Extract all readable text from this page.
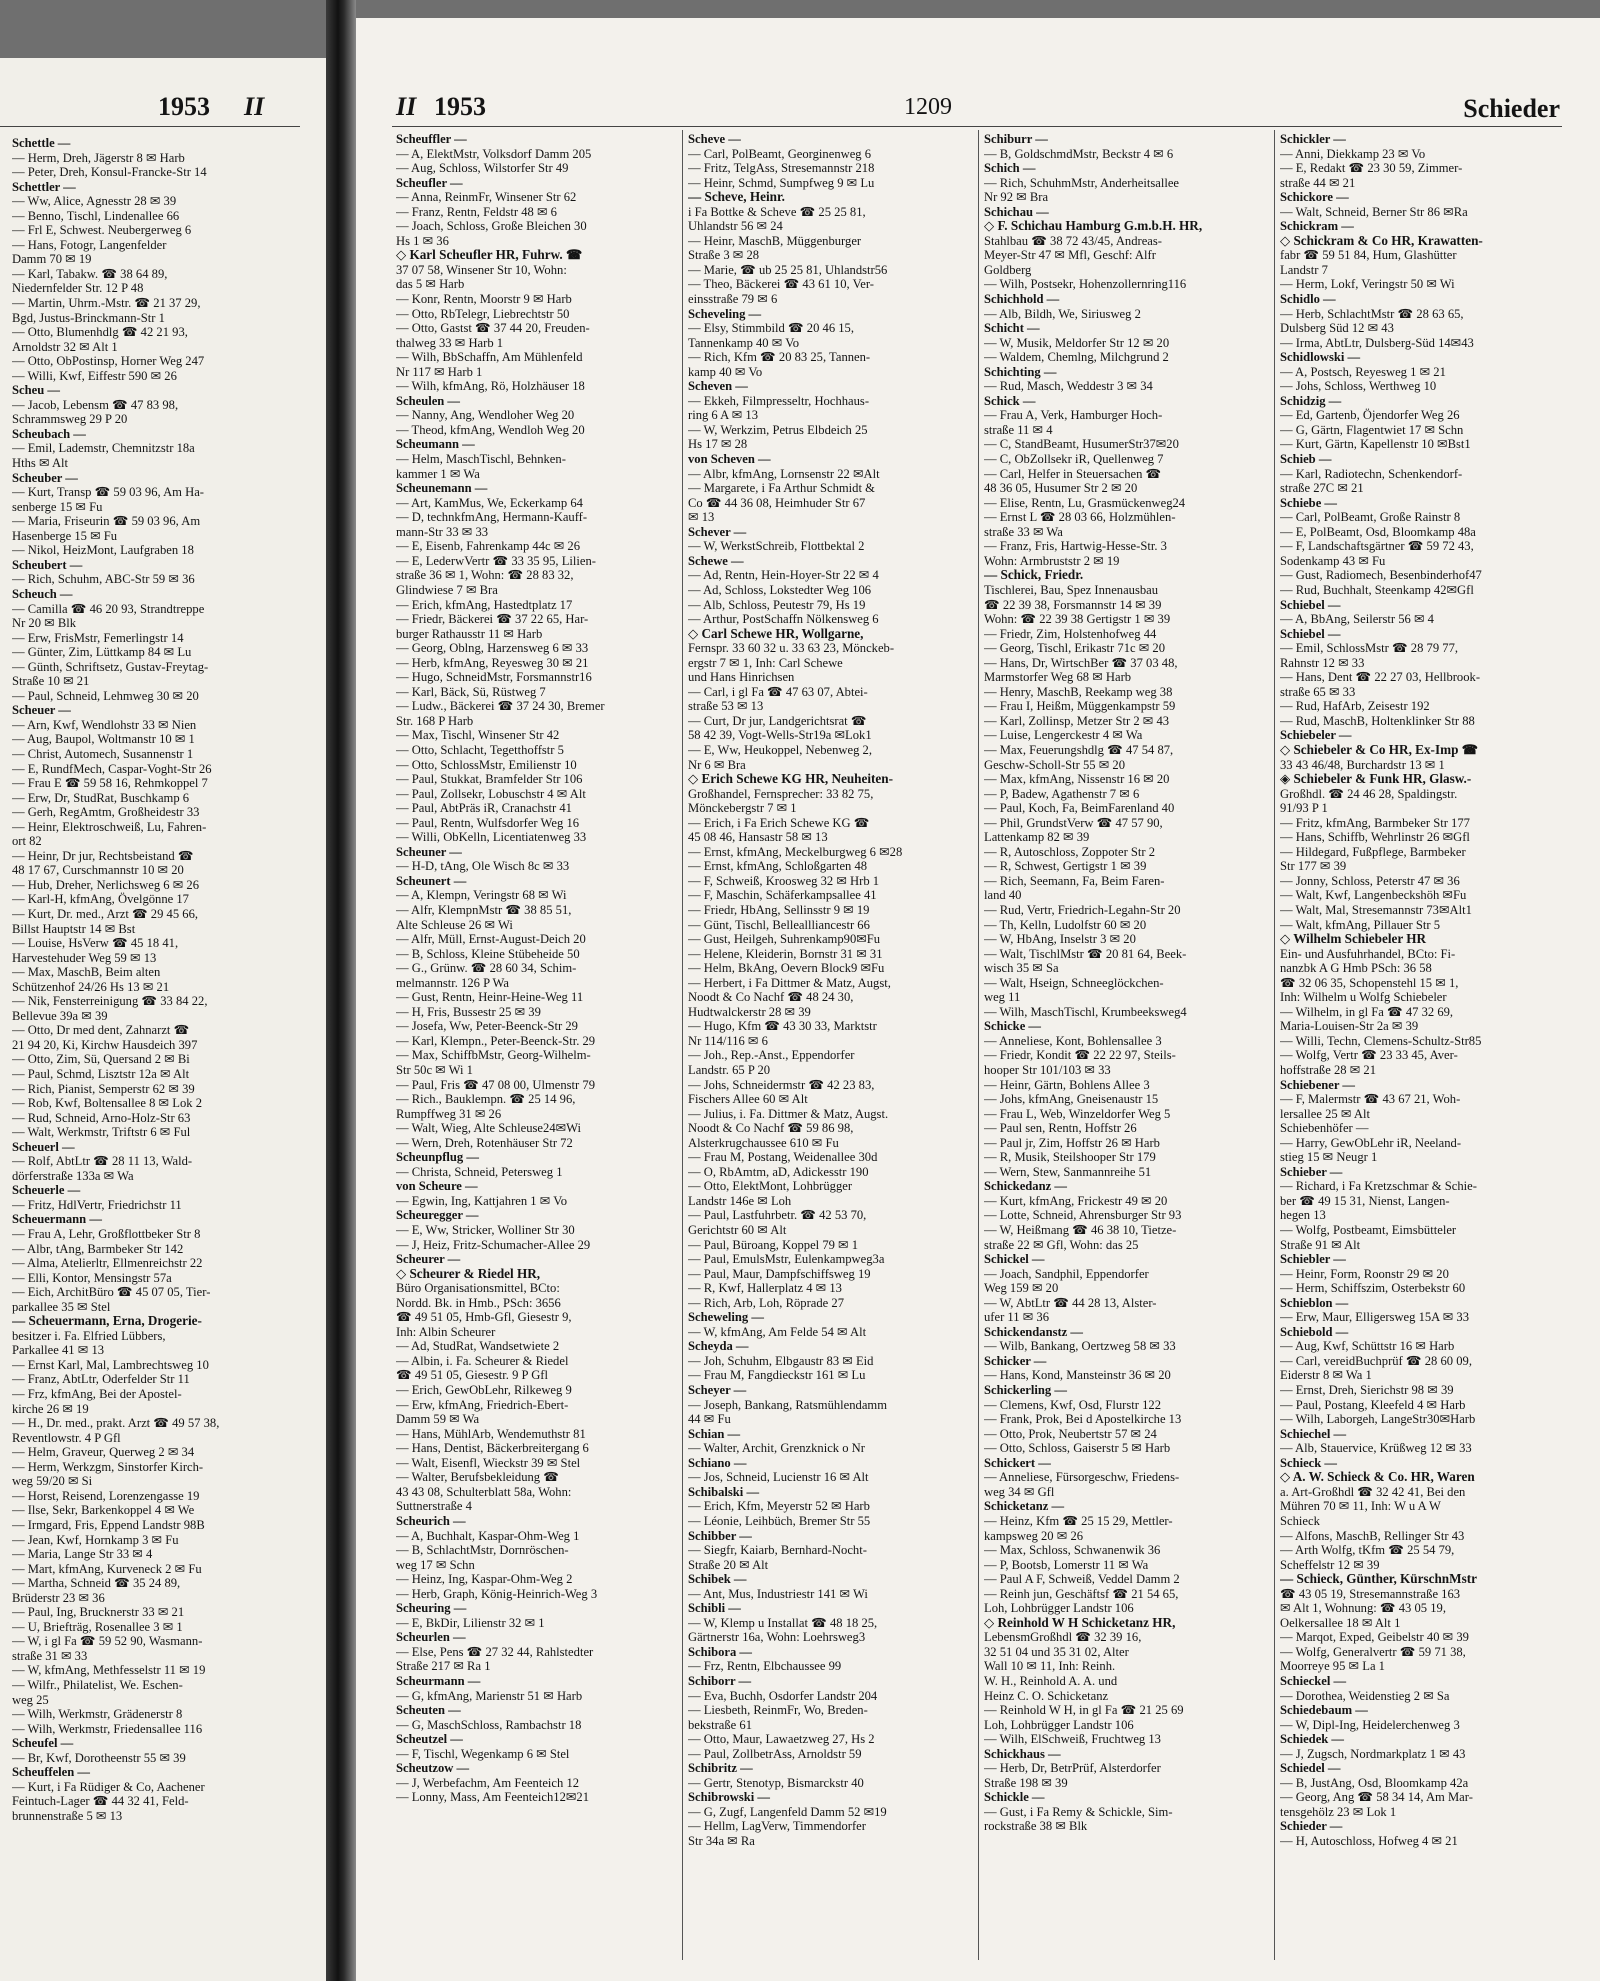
1953 II
Schettle —
— Herm, Dreh, Jägerstr 8 ✉ Harb
— Peter, Dreh, Konsul-Francke-Str 14
Schettler —
— Ww, Alice, Agnesstr 28 ✉ 39
— Benno, Tischl, Lindenallee 66
— Frl E, Schwest. Neubergerweg 6
— Hans, Fotogr, Langenfelder
Damm 70 ✉ 19
— Karl, Tabakw. ☎ 38 64 89,
Niedernfelder Str. 12 P 48
— Martin, Uhrm.-Mstr. ☎ 21 37 29,
Bgd, Justus-Brinckmann-Str 1
— Otto, Blumenhdlg ☎ 42 21 93,
Arnoldstr 32 ✉ Alt 1
— Otto, ObPostinsp, Horner Weg 247
— Willi, Kwf, Eiffestr 590 ✉ 26
Scheu —
— Jacob, Lebensm ☎ 47 83 98,
Schrammsweg 29 P 20
Scheubach —
— Emil, Lademstr, Chemnitzstr 18a
Hths ✉ Alt
Scheuber —
— Kurt, Transp ☎ 59 03 96, Am Ha-
senberge 15 ✉ Fu
— Maria, Friseurin ☎ 59 03 96, Am
Hasenberge 15 ✉ Fu
— Nikol, HeizMont, Laufgraben 18
Scheubert —
— Rich, Schuhm, ABC-Str 59 ✉ 36
Scheuch —
— Camilla ☎ 46 20 93, Strandtreppe
Nr 20 ✉ Blk
— Erw, FrisMstr, Femerlingstr 14
— Günter, Zim, Lüttkamp 84 ✉ Lu
— Günth, Schriftsetz, Gustav-Freytag-
Straße 10 ✉ 21
— Paul, Schneid, Lehmweg 30 ✉ 20
Scheuer —
— Arn, Kwf, Wendlohstr 33 ✉ Nien
— Aug, Baupol, Woltmanstr 10 ✉ 1
— Christ, Automech, Susannenstr 1
— E, RundfMech, Caspar-Voght-Str 26
— Frau E ☎ 59 58 16, Rehmkoppel 7
— Erw, Dr, StudRat, Buschkamp 6
— Gerh, RegAmtm, Großheidestr 33
— Heinr, Elektroschweiß, Lu, Fahren-
ort 82
— Heinr, Dr jur, Rechtsbeistand ☎
48 17 67, Curschmannstr 10 ✉ 20
— Hub, Dreher, Nerlichsweg 6 ✉ 26
— Karl-H, kfmAng, Övelgönne 17
— Kurt, Dr. med., Arzt ☎ 29 45 66,
Billst Hauptstr 14 ✉ Bst
— Louise, HsVerw ☎ 45 18 41,
Harvestehuder Weg 59 ✉ 13
— Max, MaschB, Beim alten
Schützenhof 24/26 Hs 13 ✉ 21
— Nik, Fensterreinigung ☎ 33 84 22,
Bellevue 39a ✉ 39
— Otto, Dr med dent, Zahnarzt ☎
21 94 20, Ki, Kirchw Hausdeich 397
— Otto, Zim, Sü, Quersand 2 ✉ Bi
— Paul, Schmd, Lisztstr 12a ✉ Alt
— Rich, Pianist, Semperstr 62 ✉ 39
— Rob, Kwf, Boltensallee 8 ✉ Lok 2
— Rud, Schneid, Arno-Holz-Str 63
— Walt, Werkmstr, Triftstr 6 ✉ Ful
Scheuerl —
— Rolf, AbtLtr ☎ 28 11 13, Wald-
dörferstraße 133a ✉ Wa
Scheuerle —
— Fritz, HdlVertr, Friedrichstr 11
Scheuermann —
— Frau A, Lehr, Großflottbeker Str 8
— Albr, tAng, Barmbeker Str 142
— Alma, Atelierltr, Ellmenreichstr 22
— Elli, Kontor, Mensingstr 57a
— Eich, ArchitBüro ☎ 45 07 05, Tier-
parkallee 35 ✉ Stel
— Scheuermann, Erna, Drogerie-
besitzer i. Fa. Elfried Lübbers,
Parkallee 41 ✉ 13
— Ernst Karl, Mal, Lambrechtsweg 10
— Franz, AbtLtr, Oderfelder Str 11
— Frz, kfmAng, Bei der Apostel-
kirche 26 ✉ 19
— H., Dr. med., prakt. Arzt ☎ 49 57 38,
Reventlowstr. 4 P Gfl
— Helm, Graveur, Querweg 2 ✉ 34
— Herm, Werkzgm, Sinstorfer Kirch-
weg 59/20 ✉ Si
— Horst, Reisend, Lorenzengasse 19
— Ilse, Sekr, Barkenkoppel 4 ✉ We
— Irmgard, Fris, Eppend Landstr 98B
— Jean, Kwf, Hornkamp 3 ✉ Fu
— Maria, Lange Str 33 ✉ 4
— Mart, kfmAng, Kurveneck 2 ✉ Fu
— Martha, Schneid ☎ 35 24 89,
Brüderstr 23 ✉ 36
— Paul, Ing, Brucknerstr 33 ✉ 21
— U, Briefträg, Rosenallee 3 ✉ 1
— W, i gl Fa ☎ 59 52 90, Wasmann-
straße 31 ✉ 33
— W, kfmAng, Methfesselstr 11 ✉ 19
— Wilfr., Philatelist, We. Eschen-
weg 25
— Wilh, Werkmstr, Grädenerstr 8
— Wilh, Werkmstr, Friedensallee 116
Scheufel —
— Br, Kwf, Dorotheenstr 55 ✉ 39
Scheuffelen —
— Kurt, i Fa Rüdiger & Co, Aachener
Feintuch-Lager ☎ 44 32 41, Feld-
brunnenstraße 5 ✉ 13
II 1953	1209	Schieder
Scheuffler —
— A, ElektMstr, Volksdorf Damm 205
— Aug, Schloss, Wilstorfer Str 49
Scheufler —
— Anna, ReinmFr, Winsener Str 62
— Franz, Rentn, Feldstr 48 ✉ 6
— Joach, Schloss, Große Bleichen 30
Hs 1 ✉ 36
◇ Karl Scheufler HR, Fuhrw. ☎
37 07 58, Winsener Str 10, Wohn:
das 5 ✉ Harb
— Konr, Rentn, Moorstr 9 ✉ Harb
— Otto, RbTelegr, Liebrechtstr 50
— Otto, Gastst ☎ 37 44 20, Freuden-
thalweg 33 ✉ Harb 1
— Wilh, BbSchaffn, Am Mühlenfeld
Nr 117 ✉ Harb 1
— Wilh, kfmAng, Rö, Holzhäuser 18
Scheulen —
— Nanny, Ang, Wendloher Weg 20
— Theod, kfmAng, Wendloh Weg 20
Scheumann —
— Helm, MaschTischl, Behnken-
kammer 1 ✉ Wa
Scheunemann —
— Art, KamMus, We, Eckerkamp 64
— D, technkfmAng, Hermann-Kauff-
mann-Str 33 ✉ 33
— E, Eisenb, Fahrenkamp 44c ✉ 26
— E, LederwVertr ☎ 33 35 95, Lilien-
straße 36 ✉ 1, Wohn: ☎ 28 83 32,
Glindwiese 7 ✉ Bra
— Erich, kfmAng, Hastedtplatz 17
— Friedr, Bäckerei ☎ 37 22 65, Har-
burger Rathausstr 11 ✉ Harb
— Georg, Oblng, Harzensweg 6 ✉ 33
— Herb, kfmAng, Reyesweg 30 ✉ 21
— Hugo, SchneidMstr, Forsmannstr16
— Karl, Bäck, Sü, Rüstweg 7
— Ludw., Bäckerei ☎ 37 24 30, Bremer
Str. 168 P Harb
— Max, Tischl, Winsener Str 42
— Otto, Schlacht, Tegetthoffstr 5
— Otto, SchlossMstr, Emilienstr 10
— Paul, Stukkat, Bramfelder Str 106
— Paul, Zollsekr, Lobuschstr 4 ✉ Alt
— Paul, AbtPräs iR, Cranachstr 41
— Paul, Rentn, Wulfsdorfer Weg 16
— Willi, ObKelln, Licentiatenweg 33
Scheuner —
— H-D, tAng, Ole Wisch 8c ✉ 33
Scheunert —
— A, Klempn, Veringstr 68 ✉ Wi
— Alfr, KlempnMstr ☎ 38 85 51,
Alte Schleuse 26 ✉ Wi
— Alfr, Müll, Ernst-August-Deich 20
— B, Schloss, Kleine Stübeheide 50
— G., Grünw. ☎ 28 60 34, Schim-
melmannstr. 126 P Wa
— Gust, Rentn, Heinr-Heine-Weg 11
— H, Fris, Bussestr 25 ✉ 39
— Josefa, Ww, Peter-Beenck-Str 29
— Karl, Klempn., Peter-Beenck-Str. 29
— Max, SchiffbMstr, Georg-Wilhelm-
Str 50c ✉ Wi 1
— Paul, Fris ☎ 47 08 00, Ulmenstr 79
— Rich., Bauklempn. ☎ 25 14 96,
Rumpffweg 31 ✉ 26
— Walt, Wieg, Alte Schleuse24✉Wi
— Wern, Dreh, Rotenhäuser Str 72
Scheunpflug —
— Christa, Schneid, Petersweg 1
von Scheure —
— Egwin, Ing, Kattjahren 1 ✉ Vo
Scheuregger —
— E, Ww, Stricker, Wolliner Str 30
— J, Heiz, Fritz-Schumacher-Allee 29
Scheurer —
◇ Scheurer & Riedel HR,
Büro Organisationsmittel, BCto:
Nordd. Bk. in Hmb., PSch: 3656
☎ 49 51 05, Hmb-Gfl, Giesestr 9,
Inh: Albin Scheurer
— Ad, StudRat, Wandsetwiete 2
— Albin, i. Fa. Scheurer & Riedel
☎ 49 51 05, Giesestr. 9 P Gfl
— Erich, GewObLehr, Rilkeweg 9
— Erw, kfmAng, Friedrich-Ebert-
Damm 59 ✉ Wa
— Hans, MühlArb, Wendemuthstr 81
— Hans, Dentist, Bäckerbreitergang 6
— Walt, Eisenfl, Wieckstr 39 ✉ Stel
— Walter, Berufsbekleidung ☎
43 43 08, Schulterblatt 58a, Wohn:
Suttnerstraße 4
Scheurich —
— A, Buchhalt, Kaspar-Ohm-Weg 1
— B, SchlachtMstr, Dornröschen-
weg 17 ✉ Schn
— Heinz, Ing, Kaspar-Ohm-Weg 2
— Herb, Graph, König-Heinrich-Weg 3
Scheuring —
— E, BkDir, Lilienstr 32 ✉ 1
Scheurlen —
— Else, Pens ☎ 27 32 44, Rahlstedter
Straße 217 ✉ Ra 1
Scheurmann —
— G, kfmAng, Marienstr 51 ✉ Harb
Scheuten —
— G, MaschSchloss, Rambachstr 18
Scheutzel —
— F, Tischl, Wegenkamp 6 ✉ Stel
Scheutzow —
— J, Werbefachm, Am Feenteich 12
— Lonny, Mass, Am Feenteich12✉21
Scheve —
— Carl, PolBeamt, Georginenweg 6
— Fritz, TelgAss, Stresemannstr 218
— Heinr, Schmd, Sumpfweg 9 ✉ Lu
— Scheve, Heinr.
i Fa Bottke & Scheve ☎ 25 25 81,
Uhlandstr 56 ✉ 24
— Heinr, MaschB, Müggenburger
Straße 3 ✉ 28
— Marie, ☎ ub 25 25 81, Uhlandstr56
— Theo, Bäckerei ☎ 43 61 10, Ver-
einsstraße 79 ✉ 6
Scheveling —
— Elsy, Stimmbild ☎ 20 46 15,
Tannenkamp 40 ✉ Vo
— Rich, Kfm ☎ 20 83 25, Tannen-
kamp 40 ✉ Vo
Scheven —
— Ekkeh, Filmpresseltr, Hochhaus-
ring 6 A ✉ 13
— W, Werkzim, Petrus Elbdeich 25
Hs 17 ✉ 28
von Scheven —
— Albr, kfmAng, Lornsenstr 22 ✉Alt
— Margarete, i Fa Arthur Schmidt &
Co ☎ 44 36 08, Heimhuder Str 67
✉ 13
Schever —
— W, WerkstSchreib, Flottbektal 2
Schewe —
— Ad, Rentn, Hein-Hoyer-Str 22 ✉ 4
— Ad, Schloss, Lokstedter Weg 106
— Alb, Schloss, Peutestr 79, Hs 19
— Arthur, PostSchaffn Nölkensweg 6
◇ Carl Schewe HR, Wollgarne,
Fernspr. 33 60 32 u. 33 63 23, Mönckeb-
ergstr 7 ✉ 1, Inh: Carl Schewe
und Hans Hinrichsen
— Carl, i gl Fa ☎ 47 63 07, Abtei-
straße 53 ✉ 13
— Curt, Dr jur, Landgerichtsrat ☎
58 42 39, Vogt-Wells-Str19a ✉Lok1
— E, Ww, Heukoppel, Nebenweg 2,
Nr 6 ✉ Bra
◇ Erich Schewe KG HR, Neuheiten-
Großhandel, Fernsprecher: 33 82 75,
Mönckebergstr 7 ✉ 1
— Erich, i Fa Erich Schewe KG ☎
45 08 46, Hansastr 58 ✉ 13
— Ernst, kfmAng, Meckelburgweg 6 ✉28
— Ernst, kfmAng, Schloßgarten 48
— F, Schweiß, Kroosweg 32 ✉ Hrb 1
— F, Maschin, Schäferkampsallee 41
— Friedr, HbAng, Sellinsstr 9 ✉ 19
— Günt, Tischl, Belleallliancestr 66
— Gust, Heilgeh, Suhrenkamp90✉Fu
— Helene, Kleiderin, Bornstr 31 ✉ 31
— Helm, BkAng, Oevern Block9 ✉Fu
— Herbert, i Fa Dittmer & Matz, Augst,
Noodt & Co Nachf ☎ 48 24 30,
Hudtwalckerstr 28 ✉ 39
— Hugo, Kfm ☎ 43 30 33, Marktstr
Nr 114/116 ✉ 6
— Joh., Rep.-Anst., Eppendorfer
Landstr. 65 P 20
— Johs, Schneidermstr ☎ 42 23 83,
Fischers Allee 60 ✉ Alt
— Julius, i. Fa. Dittmer & Matz, Augst.
Noodt & Co Nachf ☎ 59 86 98,
Alsterkrugchaussee 610 ✉ Fu
— Frau M, Postang, Weidenallee 30d
— O, RbAmtm, aD, Adickesstr 190
— Otto, ElektMont, Lohbrügger
Landstr 146e ✉ Loh
— Paul, Lastfuhrbetr. ☎ 42 53 70,
Gerichtstr 60 ✉ Alt
— Paul, Büroang, Koppel 79 ✉ 1
— Paul, EmulsMstr, Eulenkampweg3a
— Paul, Maur, Dampfschiffsweg 19
— R, Kwf, Hallerplatz 4 ✉ 13
— Rich, Arb, Loh, Röprade 27
Scheweling —
— W, kfmAng, Am Felde 54 ✉ Alt
Scheyda —
— Joh, Schuhm, Elbgaustr 83 ✉ Eid
— Frau M, Fangdieckstr 161 ✉ Lu
Scheyer —
— Joseph, Bankang, Ratsmühlendamm
44 ✉ Fu
Schian —
— Walter, Archit, Grenzknick o Nr
Schiano —
— Jos, Schneid, Lucienstr 16 ✉ Alt
Schibalski —
— Erich, Kfm, Meyerstr 52 ✉ Harb
— Léonie, Leihbüch, Bremer Str 55
Schibber —
— Siegfr, Kaiarb, Bernhard-Nocht-
Straße 20 ✉ Alt
Schibek —
— Ant, Mus, Industriestr 141 ✉ Wi
Schibli —
— W, Klemp u Installat ☎ 48 18 25,
Gärtnerstr 16a, Wohn: Loehrsweg3
Schibora —
— Frz, Rentn, Elbchaussee 99
Schiborr —
— Eva, Buchh, Osdorfer Landstr 204
— Liesbeth, ReinmFr, Wo, Breden-
bekstraße 61
— Otto, Maur, Lawaetzweg 27, Hs 2
— Paul, ZollbetrAss, Arnoldstr 59
Schibritz —
— Gertr, Stenotyp, Bismarckstr 40
Schibrowski —
— G, Zugf, Langenfeld Damm 52 ✉19
— Hellm, LagVerw, Timmendorfer
Str 34a ✉ Ra
Schiburr —
— B, GoldschmdMstr, Beckstr 4 ✉ 6
Schich —
— Rich, SchuhmMstr, Anderheitsallee
Nr 92 ✉ Bra
Schichau —
◇ F. Schichau Hamburg G.m.b.H. HR,
Stahlbau ☎ 38 72 43/45, Andreas-
Meyer-Str 47 ✉ Mfl, Geschf: Alfr
Goldberg
— Wilh, Postsekr, Hohenzollernring116
Schichhold —
— Alb, Bildh, We, Siriusweg 2
Schicht —
— W, Musik, Meldorfer Str 12 ✉ 20
— Waldem, Chemlng, Milchgrund 2
Schichting —
— Rud, Masch, Weddestr 3 ✉ 34
Schick —
— Frau A, Verk, Hamburger Hoch-
straße 11 ✉ 4
— C, StandBeamt, HusumerStr37✉20
— C, ObZollsekr iR, Quellenweg 7
— Carl, Helfer in Steuersachen ☎
48 36 05, Husumer Str 2 ✉ 20
— Elise, Rentn, Lu, Grasmückenweg24
— Ernst L ☎ 28 03 66, Holzmühlen-
straße 33 ✉ Wa
— Franz, Fris, Hartwig-Hesse-Str. 3
Wohn: Armbruststr 2 ✉ 19
— Schick, Friedr.
Tischlerei, Bau, Spez Innenausbau
☎ 22 39 38, Forsmannstr 14 ✉ 39
Wohn: ☎ 22 39 38 Gertigstr 1 ✉ 39
— Friedr, Zim, Holstenhofweg 44
— Georg, Tischl, Erikastr 71c ✉ 20
— Hans, Dr, WirtschBer ☎ 37 03 48,
Marmstorfer Weg 68 ✉ Harb
— Henry, MaschB, Reekamp weg 38
— Frau I, Heißm, Müggenkampstr 59
— Karl, Zollinsp, Metzer Str 2 ✉ 43
— Luise, Lengerckestr 4 ✉ Wa
— Max, Feuerungshdlg ☎ 47 54 87,
Geschw-Scholl-Str 55 ✉ 20
— Max, kfmAng, Nissenstr 16 ✉ 20
— P, Badew, Agathenstr 7 ✉ 6
— Paul, Koch, Fa, BeimFarenland 40
— Phil, GrundstVerw ☎ 47 57 90,
Lattenkamp 82 ✉ 39
— R, Autoschloss, Zoppoter Str 2
— R, Schwest, Gertigstr 1 ✉ 39
— Rich, Seemann, Fa, Beim Faren-
land 40
— Rud, Vertr, Friedrich-Legahn-Str 20
— Th, Kelln, Ludolfstr 60 ✉ 20
— W, HbAng, Inselstr 3 ✉ 20
— Walt, TischlMstr ☎ 20 81 64, Beek-
wisch 35 ✉ Sa
— Walt, Hseign, Schneeglöckchen-
weg 11
— Wilh, MaschTischl, Krumbeeksweg4
Schicke —
— Anneliese, Kont, Bohlensallee 3
— Friedr, Kondit ☎ 22 22 97, Steils-
hooper Str 101/103 ✉ 33
— Heinr, Gärtn, Bohlens Allee 3
— Johs, kfmAng, Gneisenaustr 15
— Frau L, Web, Winzeldorfer Weg 5
— Paul sen, Rentn, Hoffstr 26
— Paul jr, Zim, Hoffstr 26 ✉ Harb
— R, Musik, Steilshooper Str 179
— Wern, Stew, Sanmannreihe 51
Schickedanz —
— Kurt, kfmAng, Frickestr 49 ✉ 20
— Lotte, Schneid, Ahrensburger Str 93
— W, Heißmang ☎ 46 38 10, Tietze-
straße 22 ✉ Gfl, Wohn: das 25
Schickel —
— Joach, Sandphil, Eppendorfer
Weg 159 ✉ 20
— W, AbtLtr ☎ 44 28 13, Alster-
ufer 11 ✉ 36
Schickendanstz —
— Wilb, Bankang, Oertzweg 58 ✉ 33
Schicker —
— Hans, Kond, Mansteinstr 36 ✉ 20
Schickerling —
— Clemens, Kwf, Osd, Flurstr 122
— Frank, Prok, Bei d Apostelkirche 13
— Otto, Prok, Neubertstr 57 ✉ 24
— Otto, Schloss, Gaiserstr 5 ✉ Harb
Schickert —
— Anneliese, Fürsorgeschw, Friedens-
weg 34 ✉ Gfl
Schicketanz —
— Heinz, Kfm ☎ 25 15 29, Mettler-
kampsweg 20 ✉ 26
— Max, Schloss, Schwanenwik 36
— P, Bootsb, Lomerstr 11 ✉ Wa
— Paul A F, Schweiß, Veddel Damm 2
— Reinh jun, Geschäftsf ☎ 21 54 65,
Loh, Lohbrügger Landstr 106
◇ Reinhold W H Schicketanz HR,
LebensmGroßhdl ☎ 32 39 16,
32 51 04 und 35 31 02, Alter
Wall 10 ✉ 11, Inh: Reinh.
W. H., Reinhold A. A. und
Heinz C. O. Schicketanz
— Reinhold W H, in gl Fa ☎ 21 25 69
Loh, Lohbrügger Landstr 106
— Wilh, ElSchweiß, Fruchtweg 13
Schickhaus —
— Herb, Dr, BetrPrüf, Alsterdorfer
Straße 198 ✉ 39
Schickle —
— Gust, i Fa Remy & Schickle, Sim-
rockstraße 38 ✉ Blk
Schickler —
— Anni, Diekkamp 23 ✉ Vo
— E, Redakt ☎ 23 30 59, Zimmer-
straße 44 ✉ 21
Schickore —
— Walt, Schneid, Berner Str 86 ✉Ra
Schickram —
◇ Schickram & Co HR, Krawatten-
fabr ☎ 59 51 84, Hum, Glashütter
Landstr 7
— Herm, Lokf, Veringstr 50 ✉ Wi
Schidlo —
— Herb, SchlachtMstr ☎ 28 63 65,
Dulsberg Süd 12 ✉ 43
— Irma, AbtLtr, Dulsberg-Süd 14✉43
Schidlowski —
— A, Postsch, Reyesweg 1 ✉ 21
— Johs, Schloss, Werthweg 10
Schidzig —
— Ed, Gartenb, Öjendorfer Weg 26
— G, Gärtn, Flagentwiet 17 ✉ Schn
— Kurt, Gärtn, Kapellenstr 10 ✉Bst1
Schieb —
— Karl, Radiotechn, Schenkendorf-
straße 27C ✉ 21
Schiebe —
— Carl, PolBeamt, Große Rainstr 8
— E, PolBeamt, Osd, Bloomkamp 48a
— F, Landschaftsgärtner ☎ 59 72 43,
Sodenkamp 43 ✉ Fu
— Gust, Radiomech, Besenbinderhof47
— Rud, Buchhalt, Steenkamp 42✉Gfl
Schiebel —
— A, BbAng, Seilerstr 56 ✉ 4
Schiebel —
— Emil, SchlossMstr ☎ 28 79 77,
Rahnstr 12 ✉ 33
— Hans, Dent ☎ 22 27 03, Hellbrook-
straße 65 ✉ 33
— Rud, HafArb, Zeisestr 192
— Rud, MaschB, Holtenklinker Str 88
Schiebeler —
◇ Schiebeler & Co HR, Ex-Imp ☎
33 43 46/48, Burchardstr 13 ✉ 1
◈ Schiebeler & Funk HR, Glasw.-
Großhdl. ☎ 24 46 28, Spaldingstr.
91/93 P 1
— Fritz, kfmAng, Barmbeker Str 177
— Hans, Schiffb, Wehrlinstr 26 ✉Gfl
— Hildegard, Fußpflege, Barmbeker
Str 177 ✉ 39
— Jonny, Schloss, Peterstr 47 ✉ 36
— Walt, Kwf, Langenbeckshöh ✉Fu
— Walt, Mal, Stresemannstr 73✉Alt1
— Walt, kfmAng, Pillauer Str 5
◇ Wilhelm Schiebeler HR
Ein- und Ausfuhrhandel, BCto: Fi-
nanzbk A G Hmb PSch: 36 58
☎ 32 06 35, Schopenstehl 15 ✉ 1,
Inh: Wilhelm u Wolfg Schiebeler
— Wilhelm, in gl Fa ☎ 47 32 69,
Maria-Louisen-Str 2a ✉ 39
— Willi, Techn, Clemens-Schultz-Str85
— Wolfg, Vertr ☎ 23 33 45, Aver-
hoffstraße 28 ✉ 21
Schiebener —
— F, Malermstr ☎ 43 67 21, Woh-
lersallee 25 ✉ Alt
Schiebenhöfer —
— Harry, GewObLehr iR, Neeland-
stieg 15 ✉ Neugr 1
Schieber —
— Richard, i Fa Kretzschmar & Schie-
ber ☎ 49 15 31, Nienst, Langen-
hegen 13
— Wolfg, Postbeamt, Eimsbütteler
Straße 91 ✉ Alt
Schiebler —
— Heinr, Form, Roonstr 29 ✉ 20
— Herm, Schiffszim, Osterbekstr 60
Schieblon —
— Erw, Maur, Elligersweg 15A ✉ 33
Schiebold —
— Aug, Kwf, Schüttstr 16 ✉ Harb
— Carl, vereidBuchprüf ☎ 28 60 09,
Eiderstr 8 ✉ Wa 1
— Ernst, Dreh, Sierichstr 98 ✉ 39
— Paul, Postang, Kleefeld 4 ✉ Harb
— Wilh, Laborgeh, LangeStr30✉Harb
Schiechel —
— Alb, Stauervice, Krüßweg 12 ✉ 33
Schieck —
◇ A. W. Schieck & Co. HR, Waren
a. Art-Großhdl ☎ 32 42 41, Bei den
Mühren 70 ✉ 11, Inh: W u A W
Schieck
— Alfons, MaschB, Rellinger Str 43
— Arth Wolfg, tKfm ☎ 25 54 79,
Scheffelstr 12 ✉ 39
— Schieck, Günther, KürschnMstr
☎ 43 05 19, Stresemannstraße 163
✉ Alt 1, Wohnung: ☎ 43 05 19,
Oelkersallee 18 ✉ Alt 1
— Marqot, Exped, Geibelstr 40 ✉ 39
— Wolfg, Generalvertr ☎ 59 71 38,
Moorreye 95 ✉ La 1
Schieckel —
— Dorothea, Weidenstieg 2 ✉ Sa
Schiedebaum —
— W, Dipl-Ing, Heidelerchenweg 3
Schiedek —
— J, Zugsch, Nordmarkplatz 1 ✉ 43
Schiedel —
— B, JustAng, Osd, Bloomkamp 42a
— Georg, Ang ☎ 58 34 14, Am Mar-
tensgehölz 23 ✉ Lok 1
Schieder —
— H, Autoschloss, Hofweg 4 ✉ 21
